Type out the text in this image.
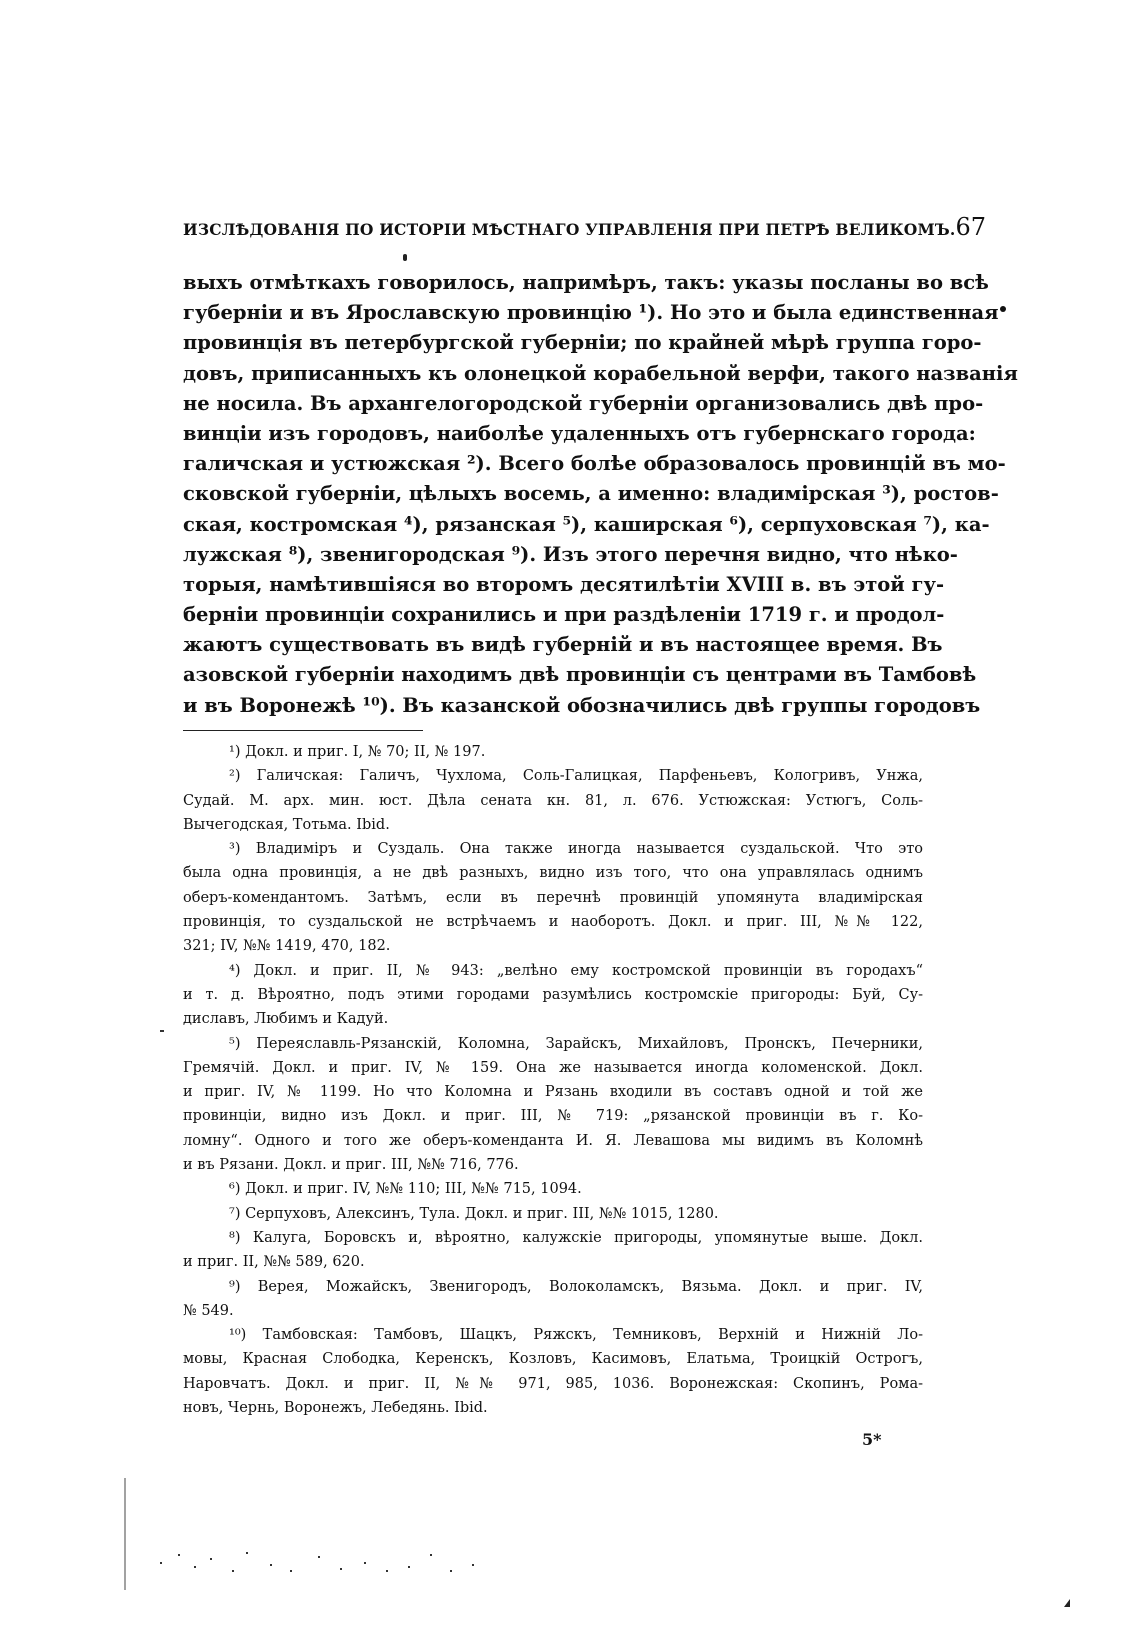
ИЗСЛѢДОВАНІЯ ПО ИСТОРІИ МѢСТНАГО УПРАВЛЕНІЯ ПРИ ПЕТРѢ ВЕЛИКОМЪ. 67
выхъ отмѣткахъ говорилось, напримѣръ, такъ: указы посланы во всѣ
губерніи и въ Ярославскую провинцію ¹). Но это и была единственная
провинція въ петербургской губерніи; по крайней мѣрѣ группа горо-
довъ, приписанныхъ къ олонецкой корабельной верфи, такого названія
не носила. Въ архангелогородской губерніи организовались двѣ про-
винціи изъ городовъ, наиболѣе удаленныхъ отъ губернскаго города:
галичская и устюжская ²). Всего болѣе образовалось провинцій въ мо-
сковской губерніи, цѣлыхъ восемь, а именно: владимірская ³), ростов-
ская, костромская ⁴), рязанская ⁵), каширская ⁶), серпуховская ⁷), ка-
лужская ⁸), звенигородская ⁹). Изъ этого перечня видно, что нѣко-
торыя, намѣтившіяся во второмъ десятилѣтіи XVIII в. въ этой гу-
берніи провинціи сохранились и при раздѣленіи 1719 г. и продол-
жаютъ существовать въ видѣ губерній и въ настоящее время. Въ
азовской губерніи находимъ двѣ провинціи съ центрами въ Тамбовѣ
и въ Воронежѣ ¹⁰). Въ казанской обозначились двѣ группы городовъ
¹) Докл. и приг. I, № 70; II, № 197.
²) Галичская: Галичъ, Чухлома, Соль-Галицкая, Парфеньевъ, Кологривъ, Унжа,
Судай. М. арх. мин. юст. Дѣла сената кн. 81, л. 676. Устюжская: Устюгъ, Соль-
Вычегодская, Тотьма. Ibid.
³) Владиміръ и Суздаль. Она также иногда называется суздальской. Что это
была одна провинція, а не двѣ разныхъ, видно изъ того, что она управлялась однимъ
оберъ-комендантомъ. Затѣмъ, если въ перечнѣ провинцій упомянута владимірская
провинція, то суздальской не встрѣчаемъ и наоборотъ. Докл. и приг. III, №№ 122,
321; IV, №№ 1419, 470, 182.
⁴) Докл. и приг. II, № 943: „велѣно ему костромской провинціи въ городахъ“
и т. д. Вѣроятно, подъ этими городами разумѣлись костромскіе пригороды: Буй, Су-
диславъ, Любимъ и Кадуй.
⁵) Переяславль-Рязанскій, Коломна, Зарайскъ, Михайловъ, Пронскъ, Печерники,
Гремячій. Докл. и приг. IV, № 159. Она же называется иногда коломенской. Докл.
и приг. IV, № 1199. Но что Коломна и Рязань входили въ составъ одной и той же
провинціи, видно изъ Докл. и приг. III, № 719: „рязанской провинціи въ г. Ко-
ломну“. Одного и того же оберъ-коменданта И. Я. Левашова мы видимъ въ Коломнѣ
и въ Рязани. Докл. и приг. III, №№ 716, 776.
⁶) Докл. и приг. IV, №№ 110; III, №№ 715, 1094.
⁷) Серпуховъ, Алексинъ, Тула. Докл. и приг. III, №№ 1015, 1280.
⁸) Калуга, Боровскъ и, вѣроятно, калужскіе пригороды, упомянутые выше. Докл.
и приг. II, №№ 589, 620.
⁹) Верея, Можайскъ, Звенигородъ, Волоколамскъ, Вязьма. Докл. и приг. IV,
№ 549.
¹⁰) Тамбовская: Тамбовъ, Шацкъ, Ряжскъ, Темниковъ, Верхній и Нижній Ло-
мовы, Красная Слободка, Керенскъ, Козловъ, Касимовъ, Елатьма, Троицкій Острогъ,
Наровчатъ. Докл. и приг. II, №№ 971, 985, 1036. Воронежская: Скопинъ, Рома-
новъ, Чернь, Воронежъ, Лебедянь. Ibid.
5*
